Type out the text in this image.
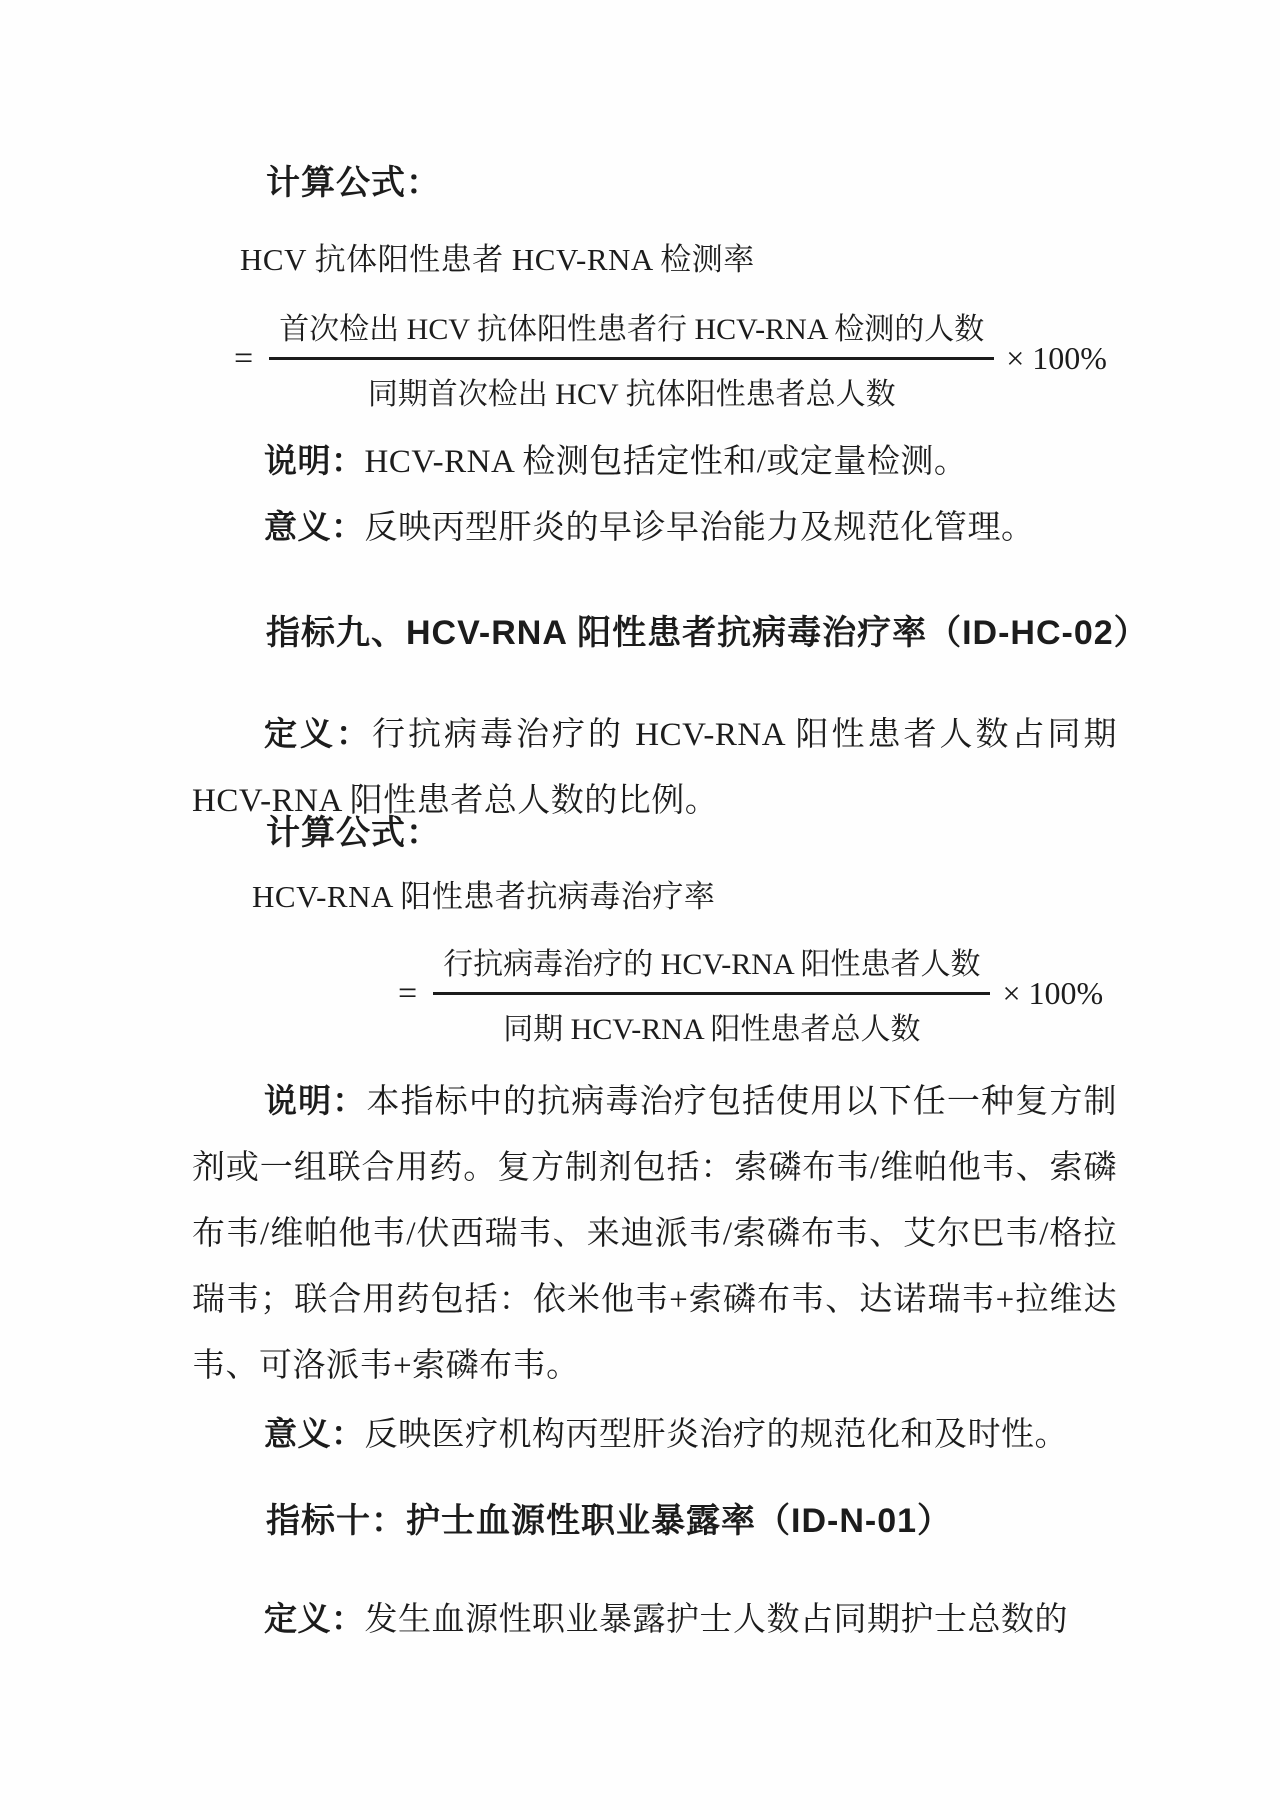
计算公式：
HCV 抗体阳性患者 HCV-RNA 检测率
= $\frac{\text{首次检出 HCV 抗体阳性患者行 HCV-RNA 检测的人数}}{\text{同期首次检出 HCV 抗体阳性患者总人数}} \times 100\%$

说明：HCV-RNA 检测包括定性和/或定量检测。

意义：反映丙型肝炎的早诊早治能力及规范化管理。

指标九、HCV-RNA 阳性患者抗病毒治疗率（ID-HC-02）

定义：行抗病毒治疗的 HCV-RNA 阳性患者人数占同期 HCV-RNA 阳性患者总人数的比例。

计算公式：
HCV-RNA 阳性患者抗病毒治疗率
= $\frac{\text{行抗病毒治疗的 HCV-RNA 阳性患者人数}}{\text{同期 HCV-RNA 阳性患者总人数}} \times 100\%$

说明：本指标中的抗病毒治疗包括使用以下任一种复方制剂或一组联合用药。复方制剂包括：索磷布韦/维帕他韦、索磷布韦/维帕他韦/伏西瑞韦、来迪派韦/索磷布韦、艾尔巴韦/格拉瑞韦；联合用药包括：依米他韦+索磷布韦、达诺瑞韦+拉维达韦、可洛派韦+索磷布韦。

意义：反映医疗机构丙型肝炎治疗的规范化和及时性。

指标十：护士血源性职业暴露率（ID-N-01）

定义：发生血源性职业暴露护士人数占同期护士总数的
